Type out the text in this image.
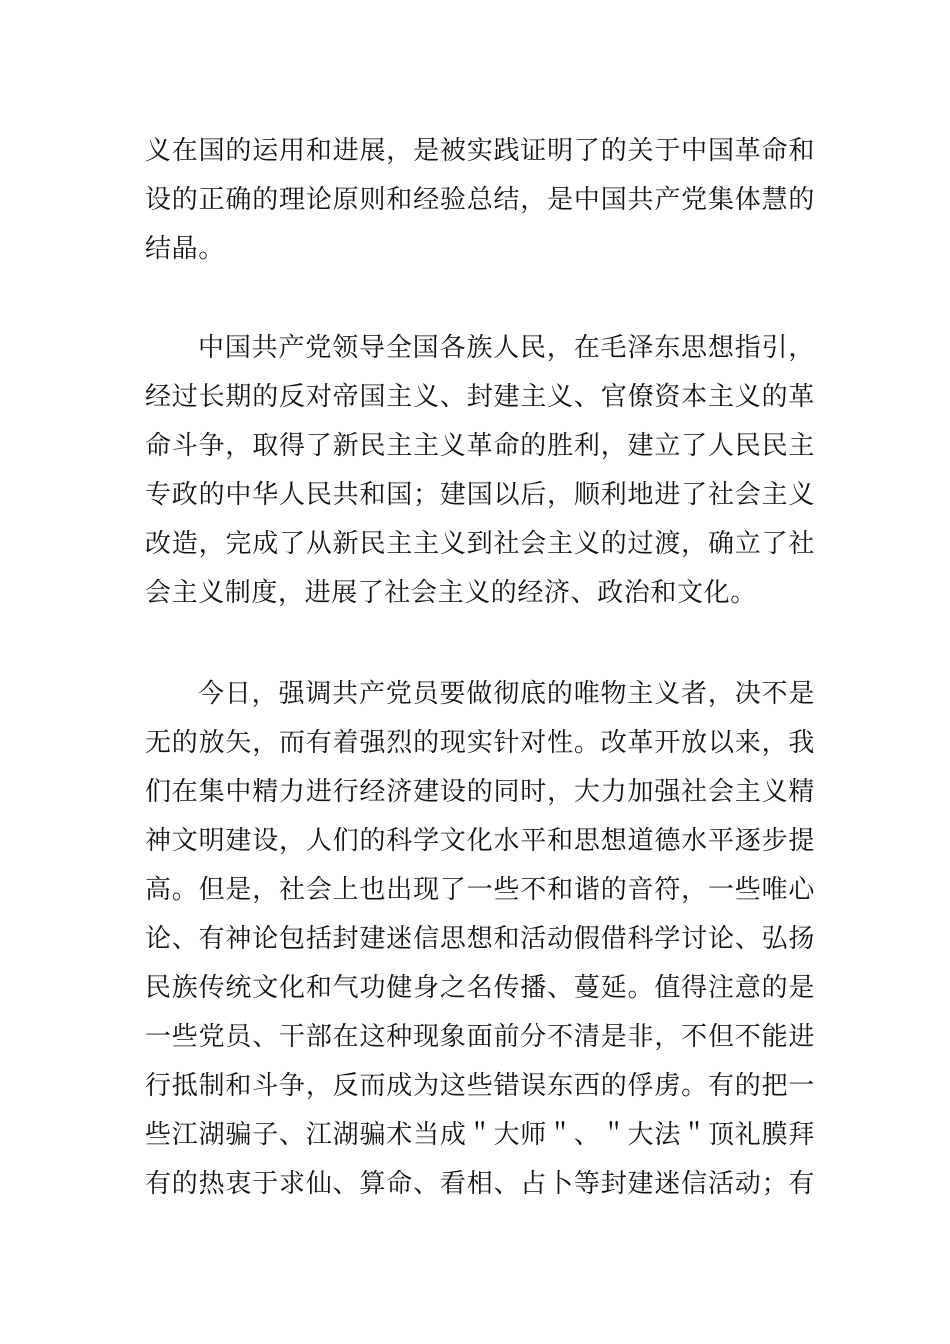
义在国的运用和进展，是被实践证明了的关于中国革命和
设的正确的理论原则和经验总结，是中国共产党集体慧的
结晶。
中国共产党领导全国各族人民，在毛泽东思想指引，
经过长期的反对帝国主义、封建主义、官僚资本主义的革
命斗争，取得了新民主主义革命的胜利，建立了人民民主
专政的中华人民共和国；建国以后，顺利地进了社会主义
改造，完成了从新民主主义到社会主义的过渡，确立了社
会主义制度，进展了社会主义的经济、政治和文化。
今日，强调共产党员要做彻底的唯物主义者，决不是
无的放矢，而有着强烈的现实针对性。改革开放以来，我
们在集中精力进行经济建设的同时，大力加强社会主义精
神文明建设，人们的科学文化水平和思想道德水平逐步提
高。但是，社会上也出现了一些不和谐的音符，一些唯心
论、有神论包括封建迷信思想和活动假借科学讨论、弘扬
民族传统文化和气功健身之名传播、蔓延。值得注意的是
一些党员、干部在这种现象面前分不清是非，不但不能进
行抵制和斗争，反而成为这些错误东西的俘虏。有的把一
些江湖骗子、江湖骗术当成＂大师＂、＂大法＂顶礼膜拜
有的热衷于求仙、算命、看相、占卜等封建迷信活动；有
